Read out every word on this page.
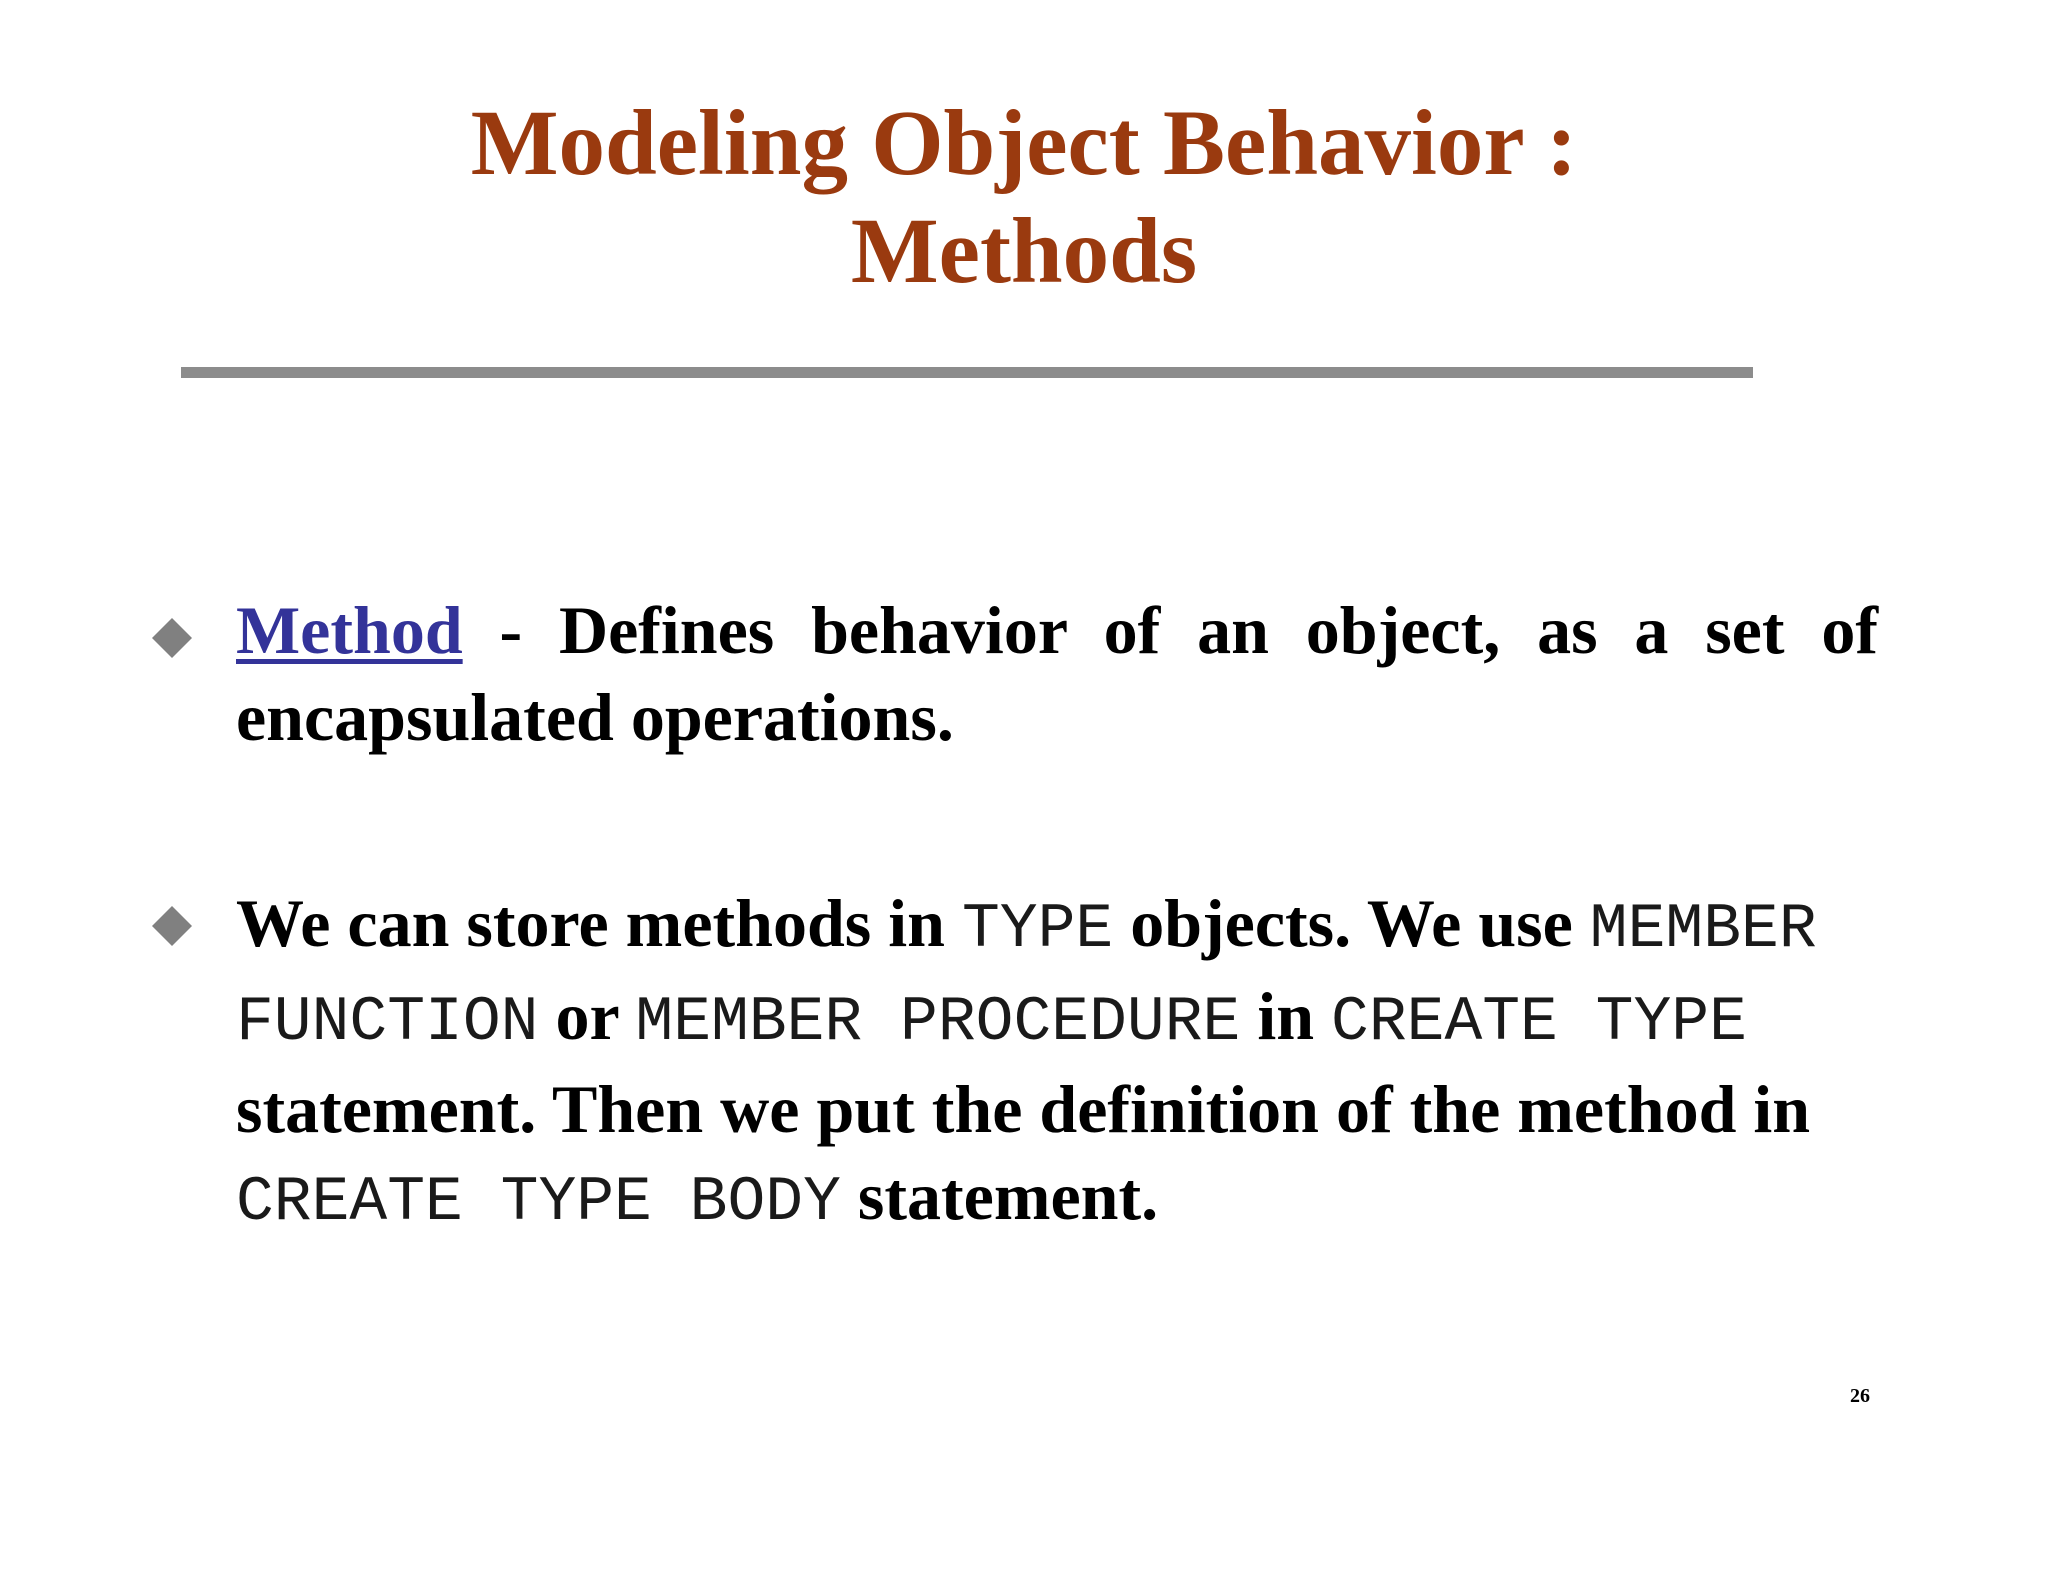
Modeling Object Behavior :
Methods
Method - Defines behavior of an object, as a set of encapsulated operations.
We can store methods in TYPE objects. We use MEMBER FUNCTION or MEMBER PROCEDURE in CREATE TYPE statement. Then we put the definition of the method in CREATE TYPE BODY statement.
26
